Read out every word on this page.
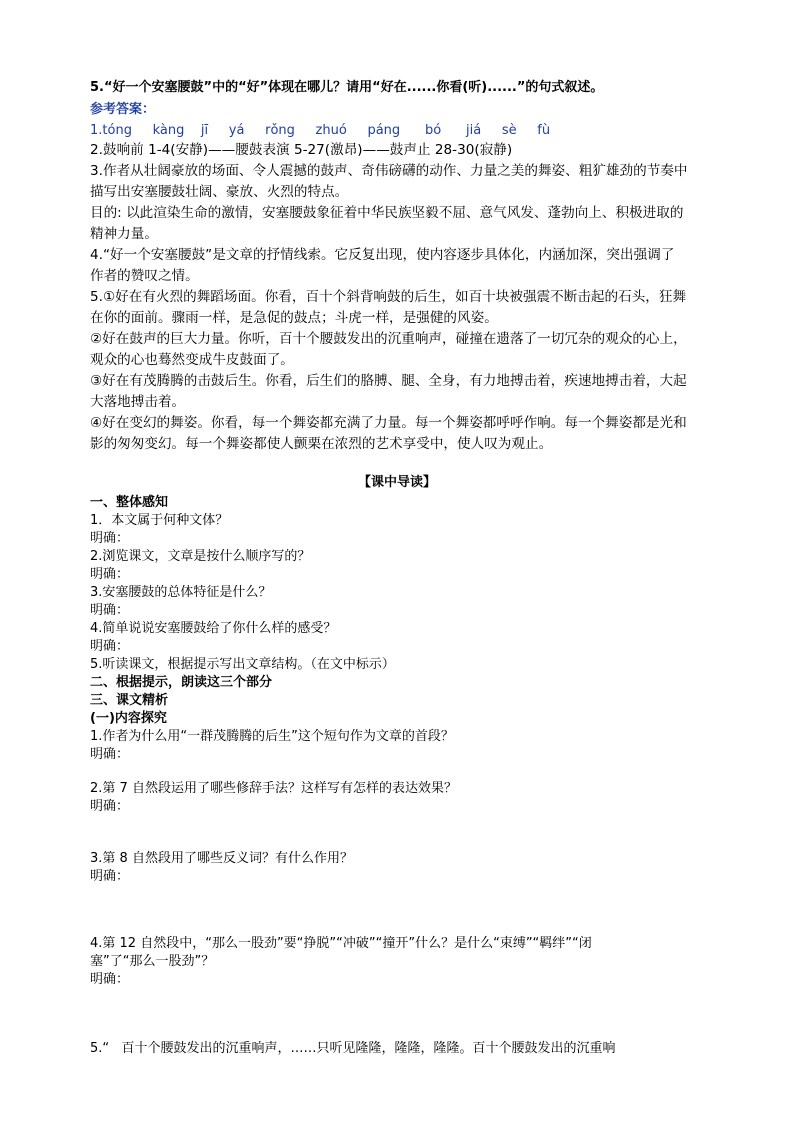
5.“好一个安塞腰鼓”中的“好”体现在哪儿？请用“好在......你看(听)......”的句式叙述。

参考答案：

1.tóng     kàng    jī     yá     rǒng     zhuó     páng      bó      jiá     sè     fù

2.鼓响前 1-4(安静)——腰鼓表演 5-27(激昂)——鼓声止 28-30(寂静)

3.作者从壮阔豪放的场面、令人震撼的鼓声、奇伟磅礴的动作、力量之美的舞姿、粗犷雄劲的节奏中

描写出安塞腰鼓壮阔、豪放、火烈的特点。

目的: 以此渲染生命的激情，安塞腰鼓象征着中华民族坚毅不屈、意气风发、蓬勃向上、积极进取的

精神力量。

4.“好一个安塞腰鼓”是文章的抒情线索。它反复出现，使内容逐步具体化，内涵加深，突出强调了

作者的赞叹之情。

5.①好在有火烈的舞蹈场面。你看，百十个斜背响鼓的后生，如百十块被强震不断击起的石头，狂舞

在你的面前。骤雨一样，是急促的鼓点；斗虎一样，是强健的风姿。

②好在鼓声的巨大力量。你听，百十个腰鼓发出的沉重响声，碰撞在遗落了一切冗杂的观众的心上，

观众的心也蓦然变成牛皮鼓面了。

③好在有茂腾腾的击鼓后生。你看，后生们的胳膊、腿、全身，有力地搏击着，疾速地搏击着，大起

大落地搏击着。

④好在变幻的舞姿。你看，每一个舞姿都充满了力量。每一个舞姿都呼呼作响。每一个舞姿都是光和

影的匆匆变幻。每一个舞姿都使人颤栗在浓烈的艺术享受中，使人叹为观止。

【课中导读】

一、整体感知

1．本文属于何种文体？

明确：

2.浏览课文，文章是按什么顺序写的？

明确：

3.安塞腰鼓的总体特征是什么？

明确：

4.简单说说安塞腰鼓给了你什么样的感受？

明确：

5.听读课文，根据提示写出文章结构。（在文中标示）

二、根据提示，朗读这三个部分

三、课文精析

(一)内容探究

1.作者为什么用“一群茂腾腾的后生”这个短句作为文章的首段？

明确：

2.第 7 自然段运用了哪些修辞手法？这样写有怎样的表达效果？

明确：

3.第 8 自然段用了哪些反义词？有什么作用？

明确：

4.第 12 自然段中，“那么一股劲”要“挣脱”“冲破”“撞开”什么？是什么“束缚”“羁绊”“闭

塞”了“那么一股劲”？

明确：

5.“   百十个腰鼓发出的沉重响声，……只听见隆隆，隆隆，隆隆。百十个腰鼓发出的沉重响
